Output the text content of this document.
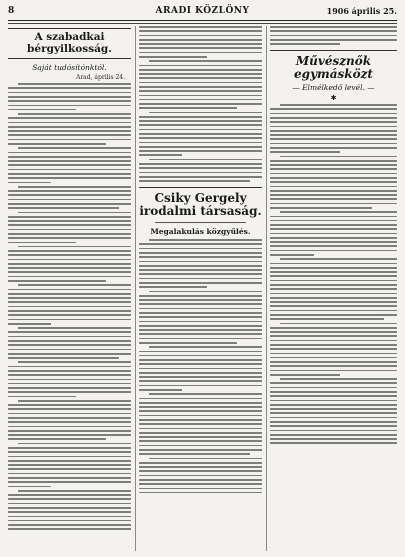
8	ARADI KÖZLÖNY	1906 április 25.

A szabadkai bérgyilkosság.

Saját tudósítónktól.
Arad, április 24.

Csiky Gergely irodalmi társaság.

Megalakulás közgyűlés.

Művésznők egymásközt

— Elmélkedő levél. —
✱
